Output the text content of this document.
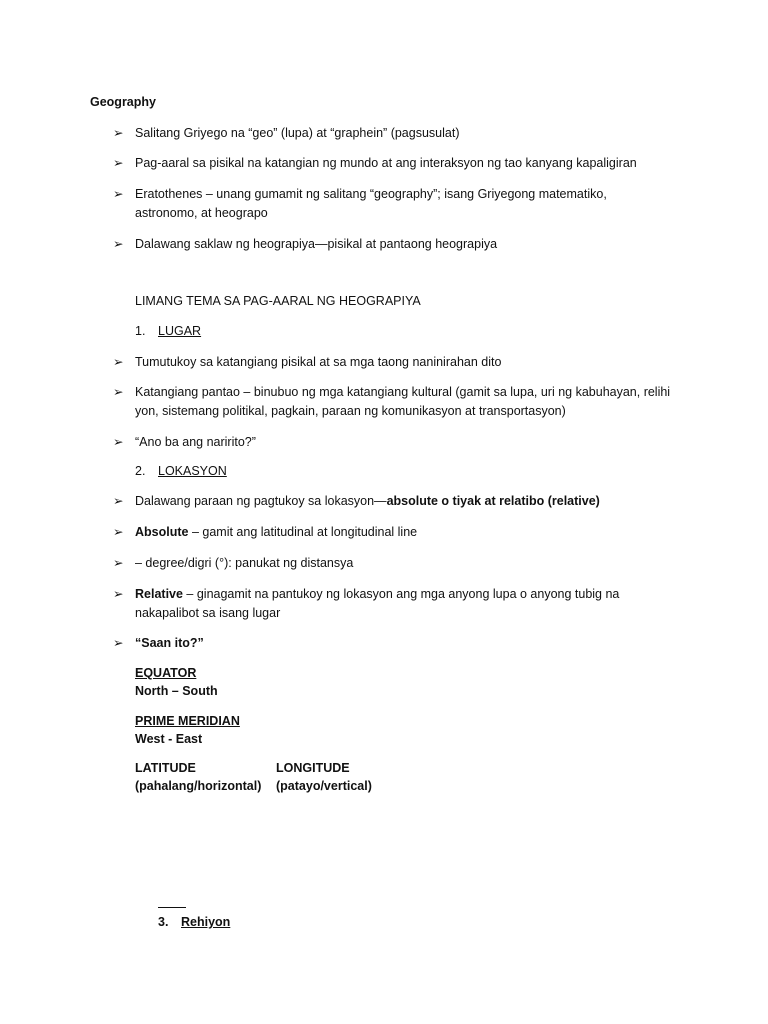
Geography
➢ Salitang Griyego na “geo” (lupa) at “graphein” (pagsusulat)
➢ Pag-aaral sa pisikal na katangian ng mundo at ang interaksyon ng tao kanyang kapaligiran
➢ Eratothenes – unang gumamit ng salitang “geography”; isang Griyegong matematiko,
astronomo, at heograpo
➢ Dalawang saklaw ng heograpiya—pisikal at pantaong heograpiya
LIMANG TEMA SA PAG-AARAL NG HEOGRAPIYA
1. LUGAR
➢ Tumutukoy sa katangiang pisikal at sa mga taong naninirahan dito
➢ Katangiang pantao – binubuo ng mga katangiang kultural (gamit sa lupa, uri ng kabuhayan, relihi
yon, sistemang politikal, pagkain, paraan ng komunikasyon at transportasyon)
➢ “Ano ba ang naririto?”
2. LOKASYON
➢ Dalawang paraan ng pagtukoy sa lokasyon—absolute o tiyak at relatibo (relative)
➢ Absolute – gamit ang latitudinal at longitudinal line
➢ – degree/digri (°): panukat ng distansya
➢ Relative – ginagamit na pantukoy ng lokasyon ang mga anyong lupa o anyong tubig na
nakapalibot sa isang lugar
➢ “Saan ito?”
EQUATOR
North – South
PRIME MERIDIAN
West - East
LATITUDE
(pahalang/horizontal)
LONGITUDE
(patayo/vertical)
3. Rehiyon
